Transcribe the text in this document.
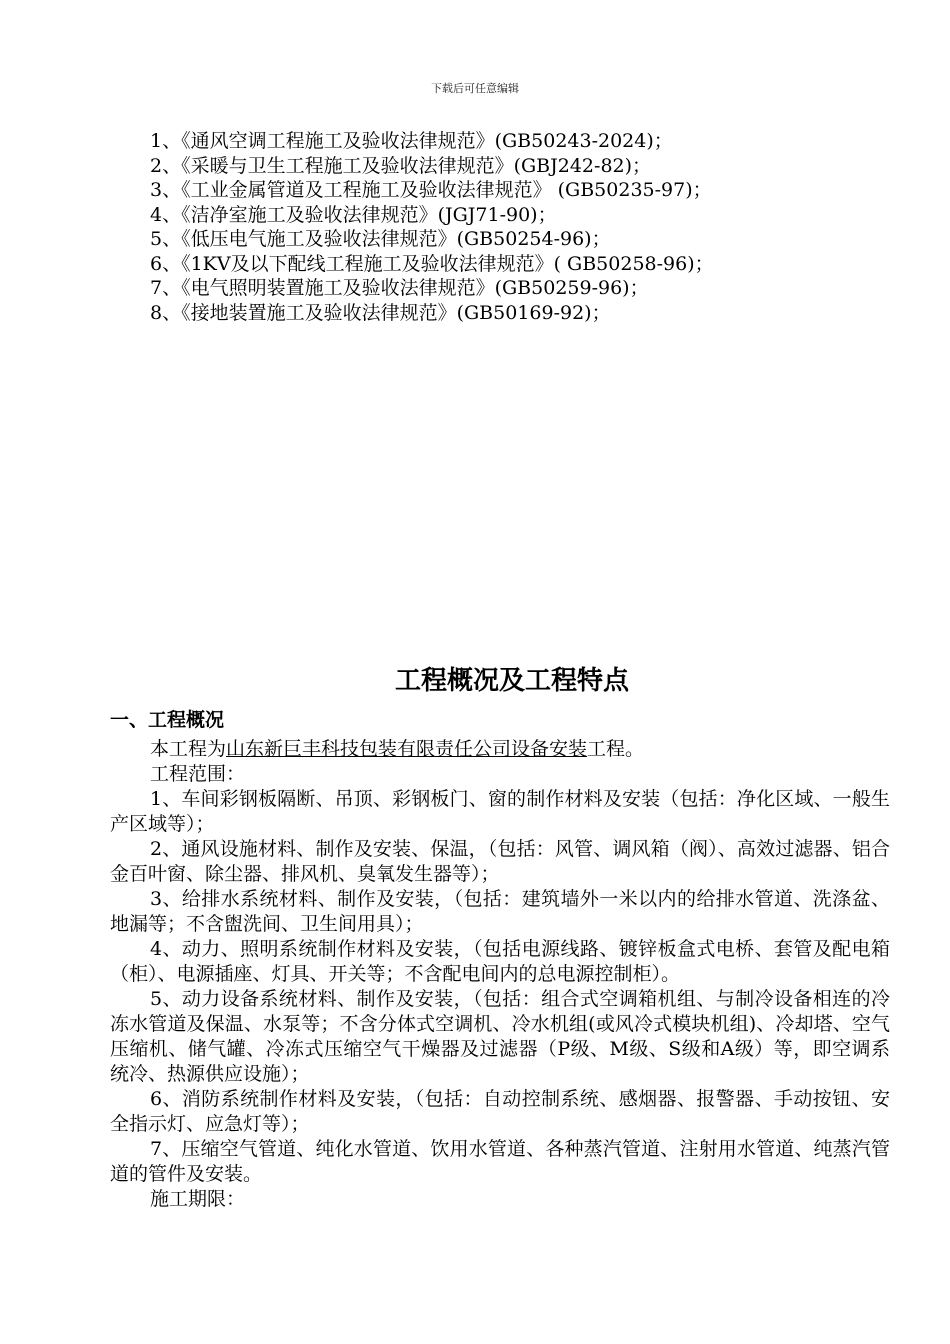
下载后可任意编辑
1、《通风空调工程施工及验收法律规范》(GB50243-2024)；
2、《采暖与卫生工程施工及验收法律规范》(GBJ242-82)；
3、《工业金属管道及工程施工及验收法律规范》 (GB50235-97)；
4、《洁净室施工及验收法律规范》(JGJ71-90)；
5、《低压电气施工及验收法律规范》(GB50254-96)；
6、《1KV及以下配线工程施工及验收法律规范》( GB50258-96)；
7、《电气照明装置施工及验收法律规范》(GB50259-96)；
8、《接地装置施工及验收法律规范》(GB50169-92)；
工程概况及工程特点
一、工程概况

本工程为山东新巨丰科技包装有限责任公司设备安装工程。

工程范围：

1、车间彩钢板隔断、吊顶、彩钢板门、窗的制作材料及安装（包括：净化区域、一般生产区域等）；

2、通风设施材料、制作及安装、保温，（包括：风管、调风箱（阀）、高效过滤器、铝合金百叶窗、除尘器、排风机、臭氧发生器等）；

3、给排水系统材料、制作及安装，（包括：建筑墙外一米以内的给排水管道、洗涤盆、地漏等；不含盥洗间、卫生间用具）；

4、动力、照明系统制作材料及安装，（包括电源线路、镀锌板盒式电桥、套管及配电箱（柜）、电源插座、灯具、开关等；不含配电间内的总电源控制柜）。

5、动力设备系统材料、制作及安装，（包括：组合式空调箱机组、与制冷设备相连的冷冻水管道及保温、水泵等；不含分体式空调机、冷水机组(或风冷式模块机组)、冷却塔、空气压缩机、储气罐、冷冻式压缩空气干燥器及过滤器（P级、M级、S级和A级）等，即空调系统冷、热源供应设施）；

6、消防系统制作材料及安装，（包括：自动控制系统、感烟器、报警器、手动按钮、安全指示灯、应急灯等）；

7、压缩空气管道、纯化水管道、饮用水管道、各种蒸汽管道、注射用水管道、纯蒸汽管道的管件及安装。

施工期限：
